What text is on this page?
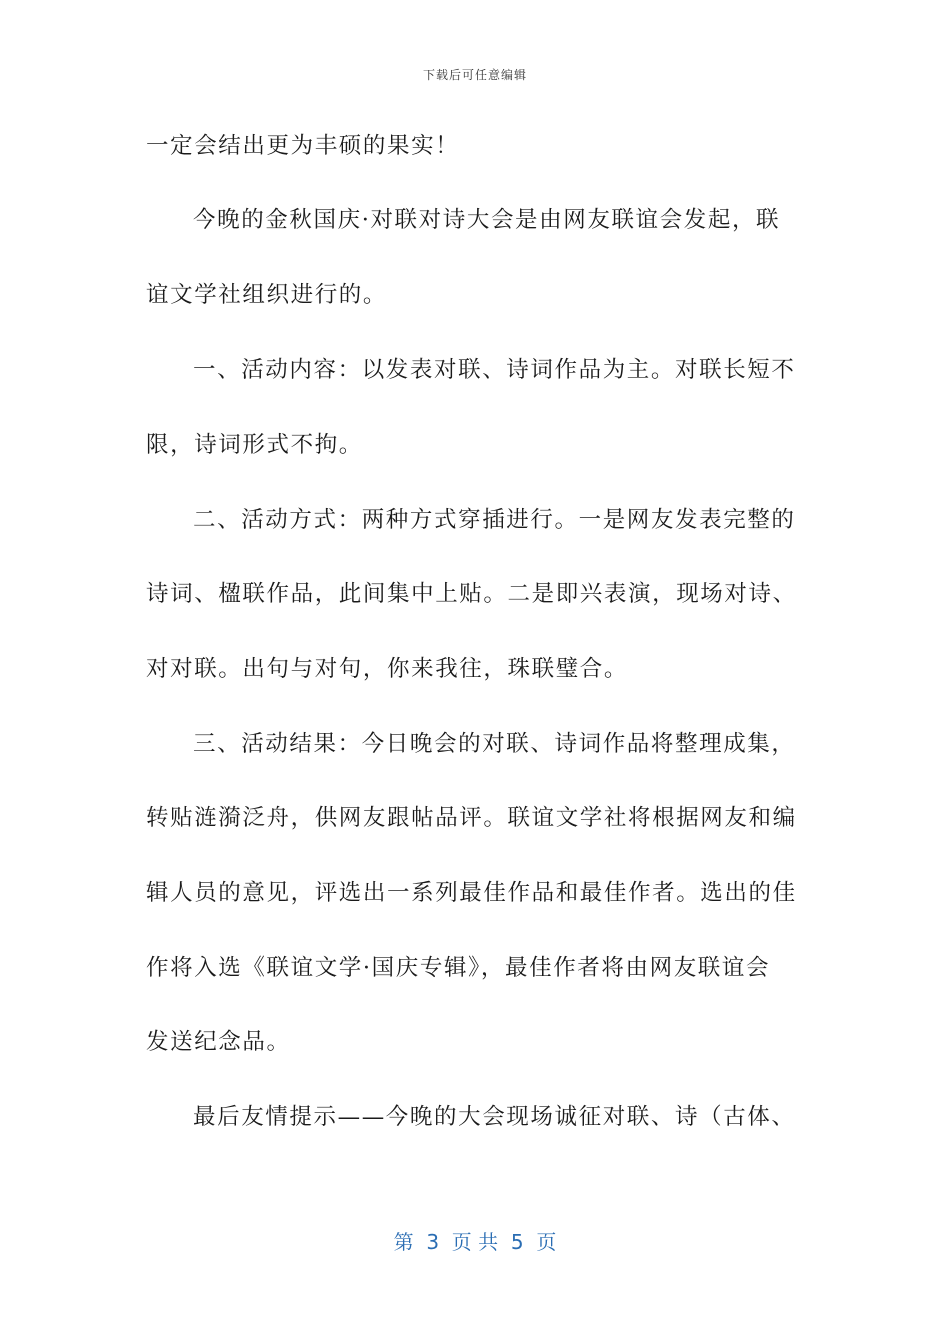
下载后可任意编辑
一定会结出更为丰硕的果实！
今晚的金秋国庆·对联对诗大会是由网友联谊会发起，联
谊文学社组织进行的。
一、活动内容：以发表对联、诗词作品为主。对联长短不
限，诗词形式不拘。
二、活动方式：两种方式穿插进行。一是网友发表完整的
诗词、楹联作品，此间集中上贴。二是即兴表演，现场对诗、
对对联。出句与对句，你来我往，珠联璧合。
三、活动结果：今日晚会的对联、诗词作品将整理成集，
转贴涟漪泛舟，供网友跟帖品评。联谊文学社将根据网友和编
辑人员的意见，评选出一系列最佳作品和最佳作者。选出的佳
作将入选《联谊文学·国庆专辑》，最佳作者将由网友联谊会
发送纪念品。
最后友情提示——今晚的大会现场诚征对联、诗（古体、
第  3  页 共  5  页
